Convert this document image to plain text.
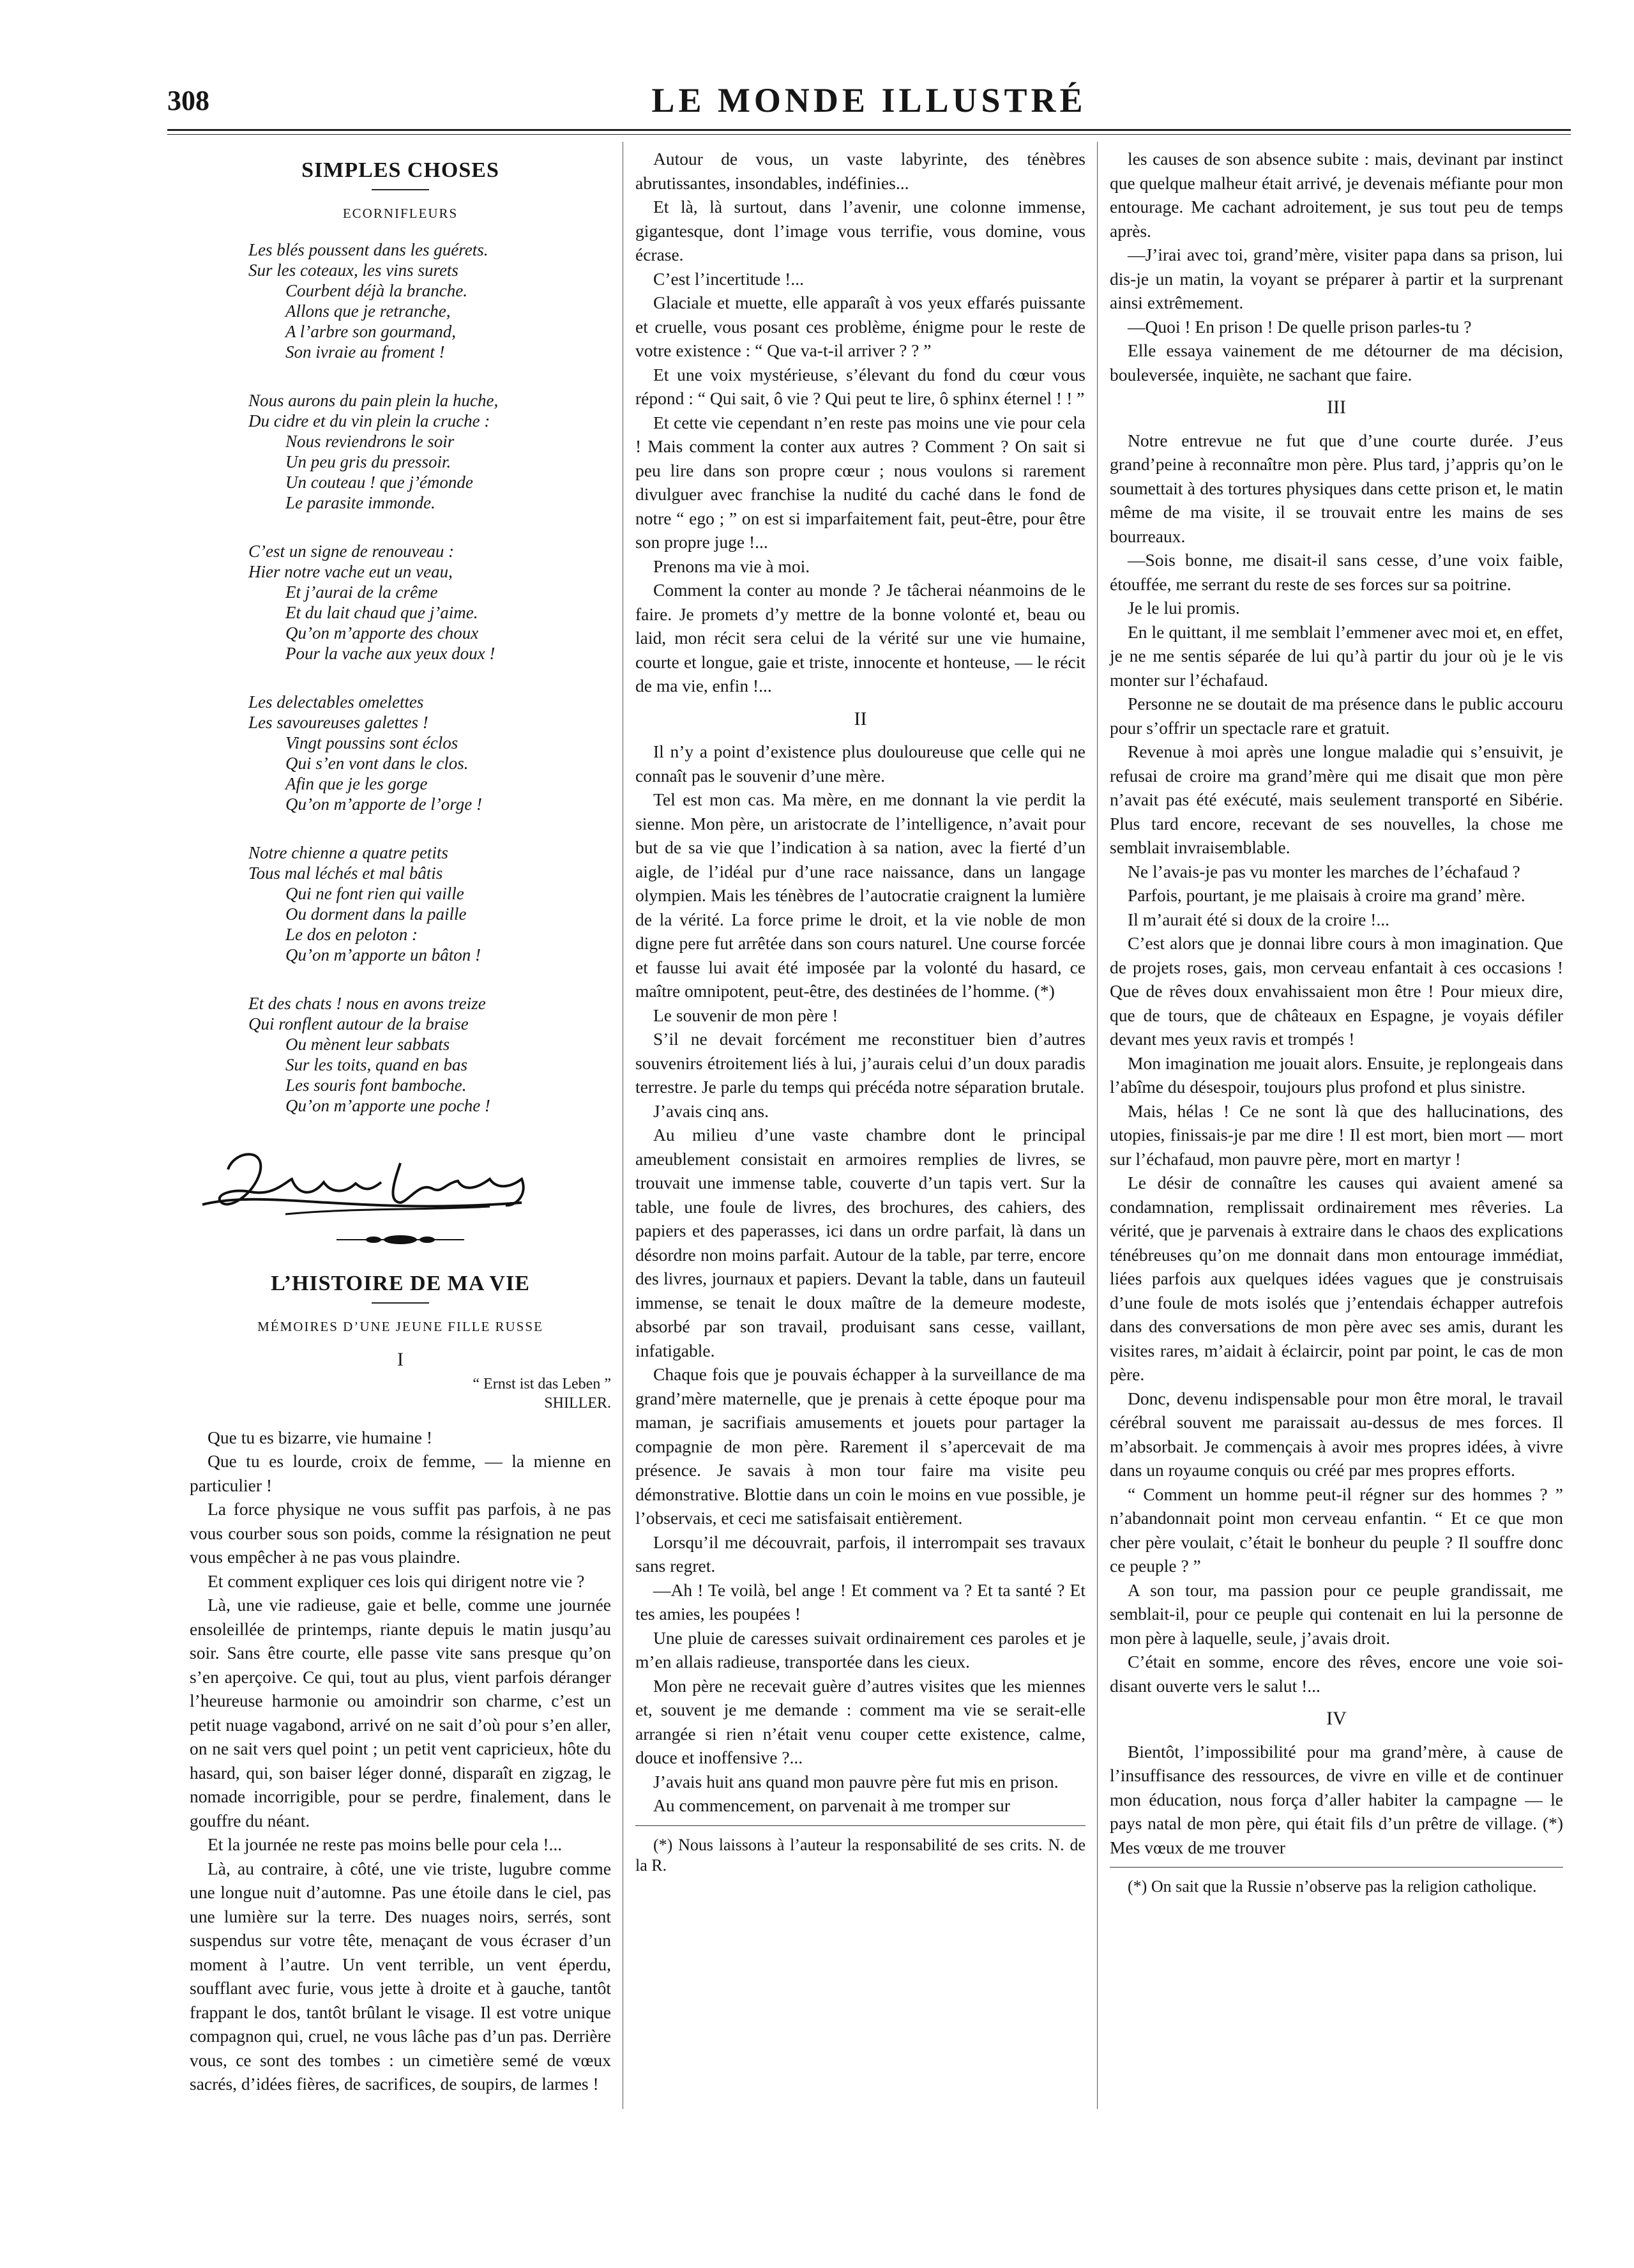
308	LE MONDE ILLUSTRÉ
SIMPLES CHOSES
ECORNIFLEURS
Les blés poussent dans les guérets.
Sur les coteaux, les vins surets
Courbent déjà la branche.
Allons que je retranche,
A l’arbre son gourmand,
Son ivraie au froment !
Nous aurons du pain plein la huche,
Du cidre et du vin plein la cruche :
Nous reviendrons le soir
Un peu gris du pressoir.
Un couteau ! que j’émonde
Le parasite immonde.
C’est un signe de renouveau :
Hier notre vache eut un veau,
Et j’aurai de la crême
Et du lait chaud que j’aime.
Qu’on m’apporte des choux
Pour la vache aux yeux doux !
Les delectables omelettes
Les savoureuses galettes !
Vingt poussins sont éclos
Qui s’en vont dans le clos.
Afin que je les gorge
Qu’on m’apporte de l’orge !
Notre chienne a quatre petits
Tous mal léchés et mal bâtis
Qui ne font rien qui vaille
Ou dorment dans la paille
Le dos en peloton :
Qu’on m’apporte un bâton !
Et des chats ! nous en avons treize
Qui ronflent autour de la braise
Ou mènent leur sabbats
Sur les toits, quand en bas
Les souris font bamboche.
Qu’on m’apporte une poche !
L’HISTOIRE DE MA VIE
MÉMOIRES D’UNE JEUNE FILLE RUSSE
I
“ Ernst ist das Leben ”
SHILLER.

Que tu es bizarre, vie humaine !

Que tu es lourde, croix de femme, — la mienne en particulier !

La force physique ne vous suffit pas parfois, à ne pas vous courber sous son poids, comme la résignation ne peut vous empêcher à ne pas vous plaindre.

Et comment expliquer ces lois qui dirigent notre vie ?

Là, une vie radieuse, gaie et belle, comme une journée ensoleillée de printemps, riante depuis le matin jusqu’au soir. Sans être courte, elle passe vite sans presque qu’on s’en aperçoive. Ce qui, tout au plus, vient parfois déranger l’heureuse harmonie ou amoindrir son charme, c’est un petit nuage vagabond, arrivé on ne sait d’où pour s’en aller, on ne sait vers quel point ; un petit vent capricieux, hôte du hasard, qui, son baiser léger donné, disparaît en zigzag, le nomade incorrigible, pour se perdre, finalement, dans le gouffre du néant.

Et la journée ne reste pas moins belle pour cela !...

Là, au contraire, à côté, une vie triste, lugubre comme une longue nuit d’automne. Pas une étoile dans le ciel, pas une lumière sur la terre. Des nuages noirs, serrés, sont suspendus sur votre tête, menaçant de vous écraser d’un moment à l’autre. Un vent terrible, un vent éperdu, soufflant avec furie, vous jette à droite et à gauche, tantôt frappant le dos, tantôt brûlant le visage. Il est votre unique compagnon qui, cruel, ne vous lâche pas d’un pas. Derrière vous, ce sont des tombes : un cimetière semé de vœux sacrés, d’idées fières, de sacrifices, de soupirs, de larmes !

Autour de vous, un vaste labyrinte, des ténèbres abrutissantes, insondables, indéfinies...

Et là, là surtout, dans l’avenir, une colonne immense, gigantesque, dont l’image vous terrifie, vous domine, vous écrase.

C’est l’incertitude !...

Glaciale et muette, elle apparaît à vos yeux effarés puissante et cruelle, vous posant ces problème, énigme pour le reste de votre existence : “ Que va-t-il arriver ? ? ”

Et une voix mystérieuse, s’élevant du fond du cœur vous répond : “ Qui sait, ô vie ? Qui peut te lire, ô sphinx éternel ! ! ”

Et cette vie cependant n’en reste pas moins une vie pour cela ! Mais comment la conter aux autres ? Comment ? On sait si peu lire dans son propre cœur ; nous voulons si rarement divulguer avec franchise la nudité du caché dans le fond de notre “ ego ; ” on est si imparfaitement fait, peut-être, pour être son propre juge !...

Prenons ma vie à moi.

Comment la conter au monde ? Je tâcherai néanmoins de le faire. Je promets d’y mettre de la bonne volonté et, beau ou laid, mon récit sera celui de la vérité sur une vie humaine, courte et longue, gaie et triste, innocente et honteuse, — le récit de ma vie, enfin !...

II

Il n’y a point d’existence plus douloureuse que celle qui ne connaît pas le souvenir d’une mère.

Tel est mon cas. Ma mère, en me donnant la vie perdit la sienne. Mon père, un aristocrate de l’intelligence, n’avait pour but de sa vie que l’indication à sa nation, avec la fierté d’un aigle, de l’idéal pur d’une race naissance, dans un langage olympien. Mais les ténèbres de l’autocratie craignent la lumière de la vérité. La force prime le droit, et la vie noble de mon digne pere fut arrêtée dans son cours naturel. Une course forcée et fausse lui avait été imposée par la volonté du hasard, ce maître omnipotent, peut-être, des destinées de l’homme. (*)

Le souvenir de mon père !

S’il ne devait forcément me reconstituer bien d’autres souvenirs étroitement liés à lui, j’aurais celui d’un doux paradis terrestre. Je parle du temps qui précéda notre séparation brutale.

J’avais cinq ans.

Au milieu d’une vaste chambre dont le principal ameublement consistait en armoires remplies de livres, se trouvait une immense table, couverte d’un tapis vert. Sur la table, une foule de livres, des brochures, des cahiers, des papiers et des paperasses, ici dans un ordre parfait, là dans un désordre non moins parfait. Autour de la table, par terre, encore des livres, journaux et papiers. Devant la table, dans un fauteuil immense, se tenait le doux maître de la demeure modeste, absorbé par son travail, produisant sans cesse, vaillant, infatigable.

Chaque fois que je pouvais échapper à la surveillance de ma grand’mère maternelle, que je prenais à cette époque pour ma maman, je sacrifiais amusements et jouets pour partager la compagnie de mon père. Rarement il s’apercevait de ma présence. Je savais à mon tour faire ma visite peu démonstrative. Blottie dans un coin le moins en vue possible, je l’observais, et ceci me satisfaisait entièrement.

Lorsqu’il me découvrait, parfois, il interrompait ses travaux sans regret.

—Ah ! Te voilà, bel ange ! Et comment va ? Et ta santé ? Et tes amies, les poupées !

Une pluie de caresses suivait ordinairement ces paroles et je m’en allais radieuse, transportée dans les cieux.

Mon père ne recevait guère d’autres visites que les miennes et, souvent je me demande : comment ma vie se serait-elle arrangée si rien n’était venu couper cette existence, calme, douce et inoffensive ?...

J’avais huit ans quand mon pauvre père fut mis en prison.

Au commencement, on parvenait à me tromper sur

(*) Nous laissons à l’auteur la responsabilité de ses crits. N. de la R.

les causes de son absence subite : mais, devinant par instinct que quelque malheur était arrivé, je devenais méfiante pour mon entourage. Me cachant adroitement, je sus tout peu de temps après.

—J’irai avec toi, grand’mère, visiter papa dans sa prison, lui dis-je un matin, la voyant se préparer à partir et la surprenant ainsi extrêmement.

—Quoi ! En prison ! De quelle prison parles-tu ?

Elle essaya vainement de me détourner de ma décision, bouleversée, inquiète, ne sachant que faire.

III

Notre entrevue ne fut que d’une courte durée. J’eus grand’peine à reconnaître mon père. Plus tard, j’appris qu’on le soumettait à des tortures physiques dans cette prison et, le matin même de ma visite, il se trouvait entre les mains de ses bourreaux.

—Sois bonne, me disait-il sans cesse, d’une voix faible, étouffée, me serrant du reste de ses forces sur sa poitrine.

Je le lui promis.

En le quittant, il me semblait l’emmener avec moi et, en effet, je ne me sentis séparée de lui qu’à partir du jour où je le vis monter sur l’échafaud.

Personne ne se doutait de ma présence dans le public accouru pour s’offrir un spectacle rare et gratuit.

Revenue à moi après une longue maladie qui s’ensuivit, je refusai de croire ma grand’mère qui me disait que mon père n’avait pas été exécuté, mais seulement transporté en Sibérie. Plus tard encore, recevant de ses nouvelles, la chose me semblait invraisemblable.

Ne l’avais-je pas vu monter les marches de l’échafaud ?

Parfois, pourtant, je me plaisais à croire ma grand’ mère.

Il m’aurait été si doux de la croire !...

C’est alors que je donnai libre cours à mon imagination. Que de projets roses, gais, mon cerveau enfantait à ces occasions ! Que de rêves doux envahissaient mon être ! Pour mieux dire, que de tours, que de châteaux en Espagne, je voyais défiler devant mes yeux ravis et trompés !

Mon imagination me jouait alors. Ensuite, je replongeais dans l’abîme du désespoir, toujours plus profond et plus sinistre.

Mais, hélas ! Ce ne sont là que des hallucinations, des utopies, finissais-je par me dire ! Il est mort, bien mort — mort sur l’échafaud, mon pauvre père, mort en martyr !

Le désir de connaître les causes qui avaient amené sa condamnation, remplissait ordinairement mes rêveries. La vérité, que je parvenais à extraire dans le chaos des explications ténébreuses qu’on me donnait dans mon entourage immédiat, liées parfois aux quelques idées vagues que je construisais d’une foule de mots isolés que j’entendais échapper autrefois dans des conversations de mon père avec ses amis, durant les visites rares, m’aidait à éclaircir, point par point, le cas de mon père.

Donc, devenu indispensable pour mon être moral, le travail cérébral souvent me paraissait au-dessus de mes forces. Il m’absorbait. Je commençais à avoir mes propres idées, à vivre dans un royaume conquis ou créé par mes propres efforts.

“ Comment un homme peut-il régner sur des hommes ? ” n’abandonnait point mon cerveau enfantin. “ Et ce que mon cher père voulait, c’était le bonheur du peuple ? Il souffre donc ce peuple ? ”

A son tour, ma passion pour ce peuple grandissait, me semblait-il, pour ce peuple qui contenait en lui la personne de mon père à laquelle, seule, j’avais droit.

C’était en somme, encore des rêves, encore une voie soi-disant ouverte vers le salut !...

IV

Bientôt, l’impossibilité pour ma grand’mère, à cause de l’insuffisance des ressources, de vivre en ville et de continuer mon éducation, nous força d’aller habiter la campagne — le pays natal de mon père, qui était fils d’un prêtre de village. (*) Mes vœux de me trouver

(*) On sait que la Russie n’observe pas la religion catholique.
